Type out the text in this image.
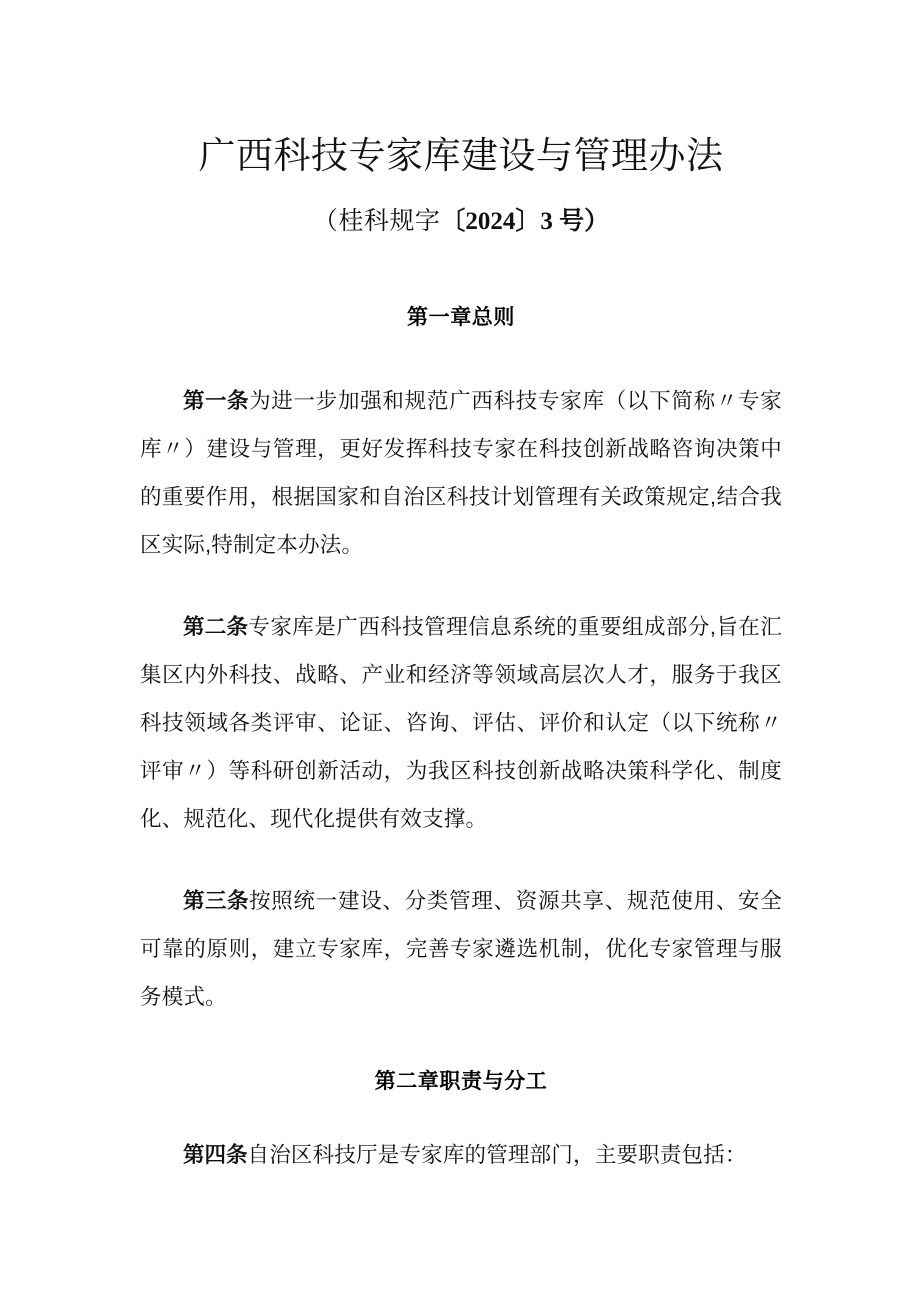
广西科技专家库建设与管理办法

（桂科规字〔2024〕3 号）

第一章总则

第一条为进一步加强和规范广西科技专家库（以下简称〃专家库〃）建设与管理，更好发挥科技专家在科技创新战略咨询决策中的重要作用，根据国家和自治区科技计划管理有关政策规定,结合我区实际,特制定本办法。

第二条专家库是广西科技管理信息系统的重要组成部分,旨在汇集区内外科技、战略、产业和经济等领域高层次人才，服务于我区科技领域各类评审、论证、咨询、评估、评价和认定（以下统称〃评审〃）等科研创新活动，为我区科技创新战略决策科学化、制度化、规范化、现代化提供有效支撑。

第三条按照统一建设、分类管理、资源共享、规范使用、安全可靠的原则，建立专家库，完善专家遴选机制，优化专家管理与服务模式。

第二章职责与分工

第四条自治区科技厅是专家库的管理部门，主要职责包括：
